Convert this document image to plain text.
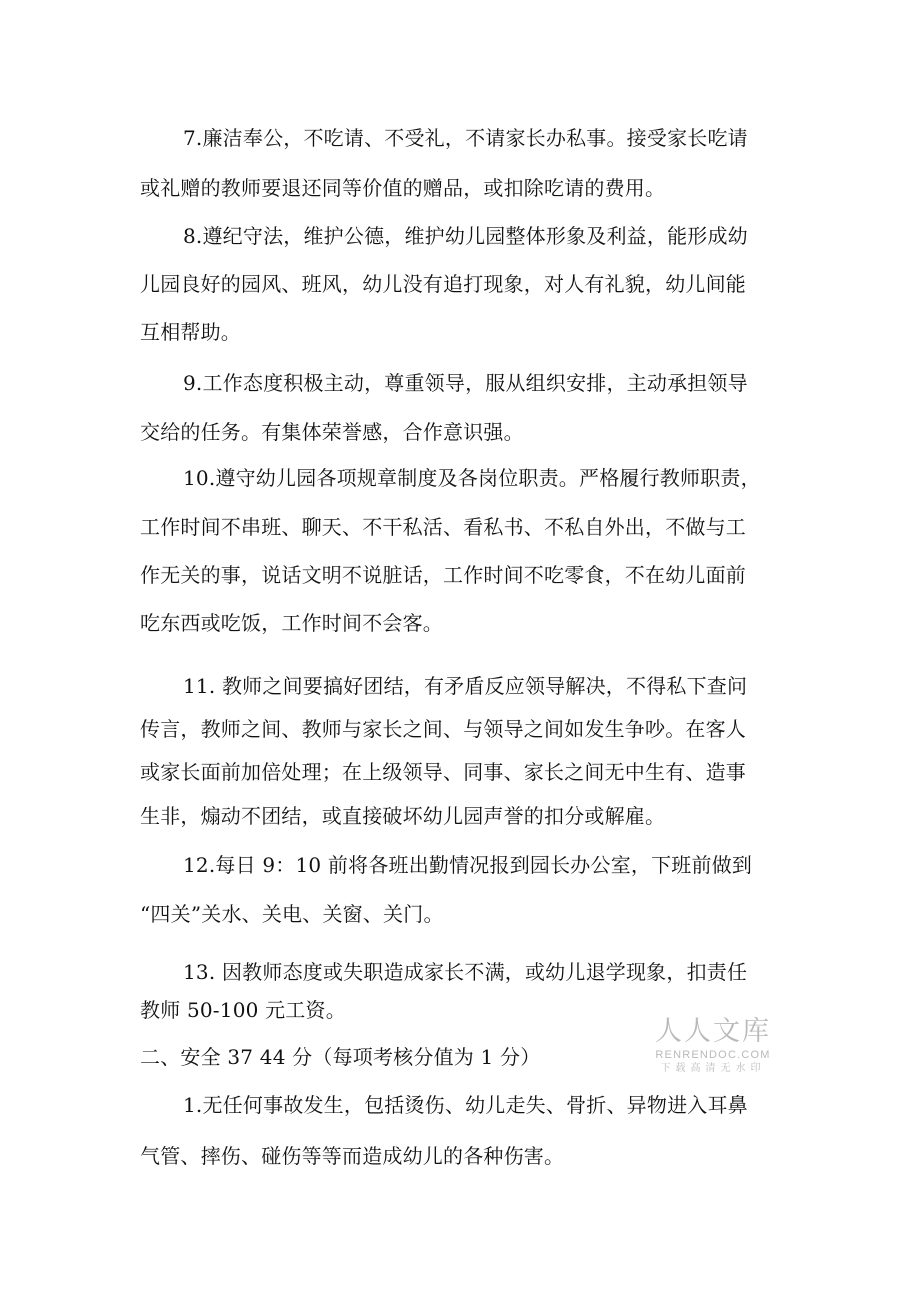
7.廉洁奉公，不吃请、不受礼，不请家长办私事。接受家长吃请
或礼赠的教师要退还同等价值的赠品，或扣除吃请的费用。
8.遵纪守法，维护公德，维护幼儿园整体形象及利益，能形成幼
儿园良好的园风、班风，幼儿没有追打现象，对人有礼貌，幼儿间能
互相帮助。
9.工作态度积极主动，尊重领导，服从组织安排，主动承担领导
交给的任务。有集体荣誉感，合作意识强。
10.遵守幼儿园各项规章制度及各岗位职责。严格履行教师职责，
工作时间不串班、聊天、不干私活、看私书、不私自外出，不做与工
作无关的事，说话文明不说脏话，工作时间不吃零食，不在幼儿面前
吃东西或吃饭，工作时间不会客。
11. 教师之间要搞好团结，有矛盾反应领导解决，不得私下查问
传言，教师之间、教师与家长之间、与领导之间如发生争吵。在客人
或家长面前加倍处理；在上级领导、同事、家长之间无中生有、造事
生非，煽动不团结，或直接破坏幼儿园声誉的扣分或解雇。
12.每日 9：10 前将各班出勤情况报到园长办公室，下班前做到
“四关”关水、关电、关窗、关门。
13. 因教师态度或失职造成家长不满，或幼儿退学现象，扣责任
教师 50-100 元工资。
二、安全 37 44 分（每项考核分值为 1 分）
1.无任何事故发生，包括烫伤、幼儿走失、骨折、异物进入耳鼻
气管、摔伤、碰伤等等而造成幼儿的各种伤害。
人人文库
RENRENDOC.COM
下载高清无水印
